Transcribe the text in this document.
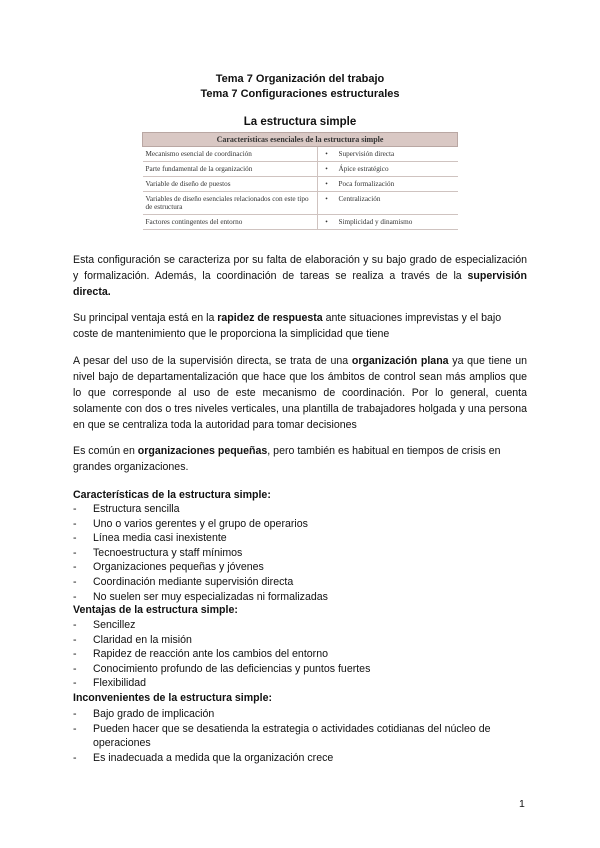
Tema 7 Organización del trabajo
Tema 7 Configuraciones estructurales
La estructura simple
Características esenciales de la estructura simple		
Mecanismo esencial de coordinación	•	Supervisión directa
Parte fundamental de la organización	•	Ápice estratégico
Variable de diseño de puestos	•	Poca formalización
Variables de diseño esenciales relacionados con este tipo de estructura	•	Centralización
Factores contingentes del entorno	•	Simplicidad y dinamismo
Esta configuración se caracteriza por su falta de elaboración y su bajo grado de especialización y formalización. Además, la coordinación de tareas se realiza a través de la supervisión directa.
Su principal ventaja está en la rapidez de respuesta ante situaciones imprevistas y el bajo coste de mantenimiento que le proporciona la simplicidad que tiene
A pesar del uso de la supervisión directa, se trata de una organización plana ya que tiene un nivel bajo de departamentalización que hace que los ámbitos de control sean más amplios que lo que corresponde al uso de este mecanismo de coordinación. Por lo general, cuenta solamente con dos o tres niveles verticales, una plantilla de trabajadores holgada y una persona en que se centraliza toda la autoridad para tomar decisiones
Es común en organizaciones pequeñas, pero también es habitual en tiempos de crisis en grandes organizaciones.
Características de la estructura simple:
- Estructura sencilla
- Uno o varios gerentes y el grupo de operarios
- Línea media casi inexistente
- Tecnoestructura y staff mínimos
- Organizaciones pequeñas y jóvenes
- Coordinación mediante supervisión directa
- No suelen ser muy especializadas ni formalizadas
Ventajas de la estructura simple:
- Sencillez
- Claridad en la misión
- Rapidez de reacción ante los cambios del entorno
- Conocimiento profundo de las deficiencias y puntos fuertes
- Flexibilidad
Inconvenientes de la estructura simple:
- Bajo grado de implicación
- Pueden hacer que se desatienda la estrategia o actividades cotidianas del núcleo de operaciones
- Es inadecuada a medida que la organización crece
1
